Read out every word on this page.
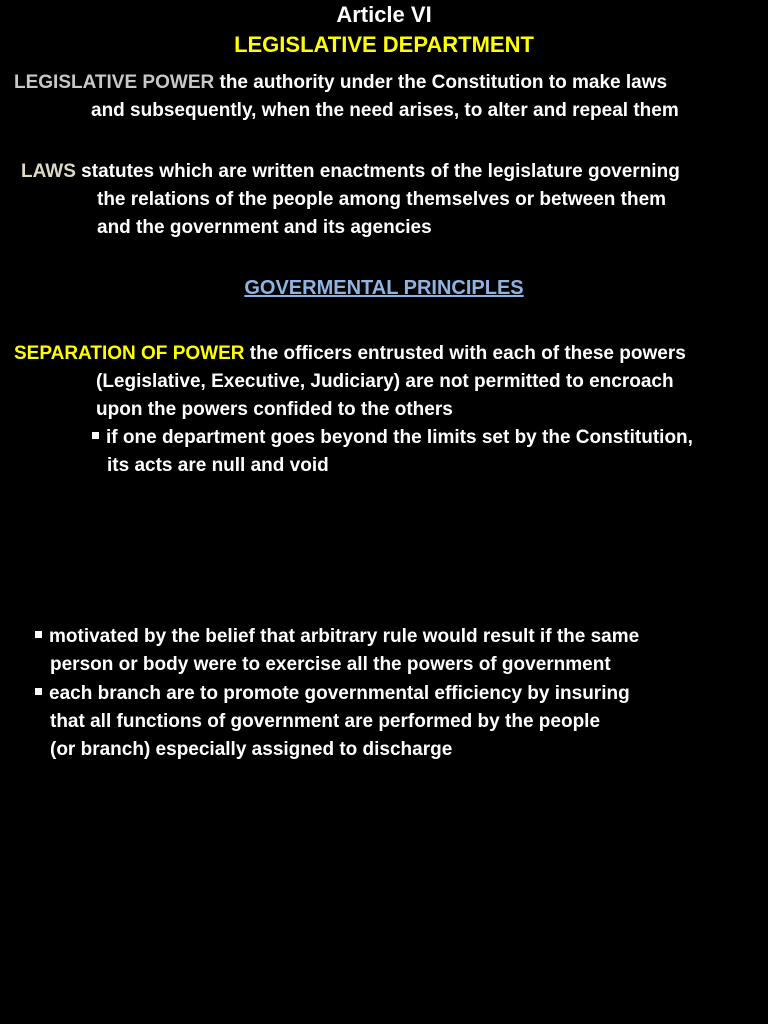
Article VI
LEGISLATIVE DEPARTMENT
LEGISLATIVE POWER the authority under the Constitution to make laws
and subsequently, when the need arises, to alter and repeal them
LAWS statutes which are written enactments of the legislature governing
the relations of the people among themselves or between them
and the government and its agencies
GOVERMENTAL PRINCIPLES
SEPARATION OF POWER the officers entrusted with each of these powers
(Legislative, Executive, Judiciary) are not permitted to encroach
upon the powers confided to the others
if one department goes beyond the limits set by the Constitution,
its acts are null and void
motivated by the belief that arbitrary rule would result if the same
person or body were to exercise all the powers of government
each branch are to promote governmental efficiency by insuring
that all functions of government are performed by the people
(or branch) especially assigned to discharge
